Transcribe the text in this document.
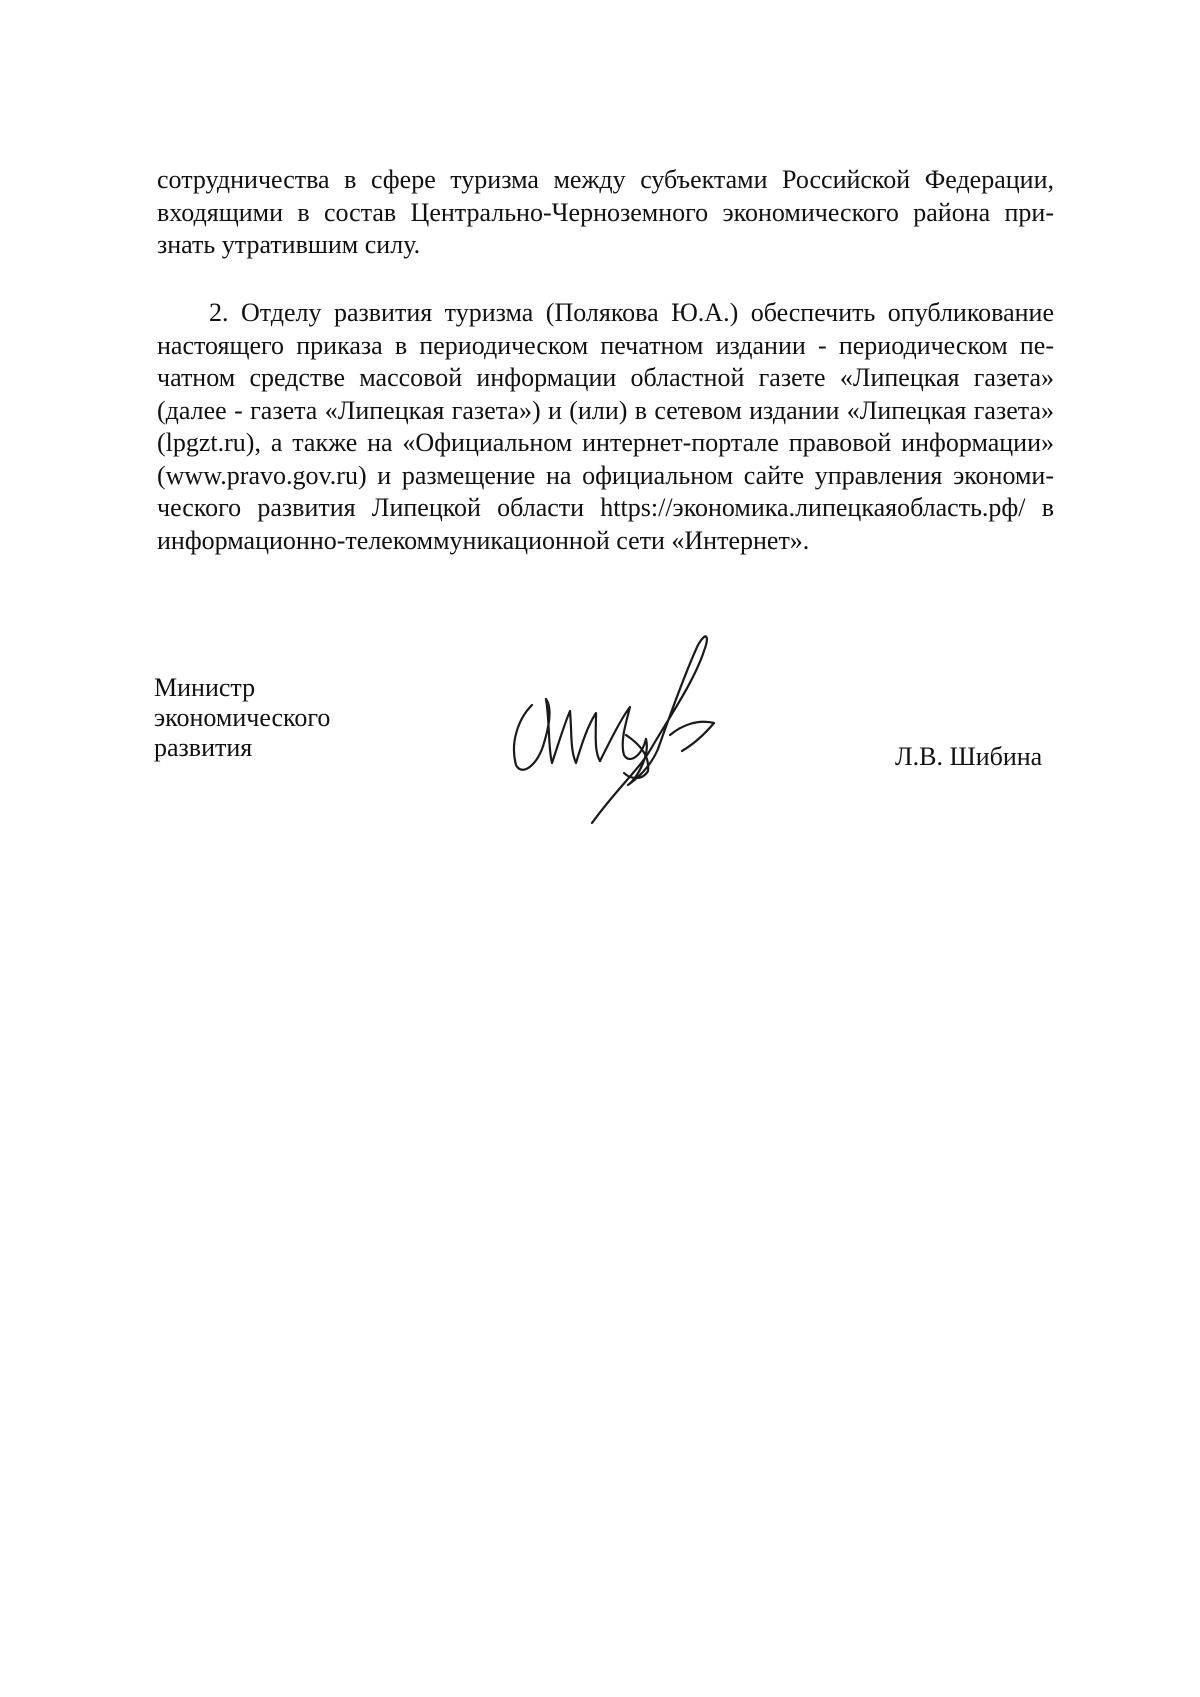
сотрудничества в сфере туризма между субъектами Российской Федерации,
входящими в состав Центрально-Черноземного экономического района при-
знать утратившим силу.
2. Отделу развития туризма (Полякова Ю.А.) обеспечить опубликование
настоящего приказа в периодическом печатном издании - периодическом пе-
чатном средстве массовой информации областной газете «Липецкая газета»
(далее - газета «Липецкая газета») и (или) в сетевом издании «Липецкая газета»
(lpgzt.ru), а также на «Официальном интернет-портале правовой информации»
(www.pravo.gov.ru) и размещение на официальном сайте управления экономи-
ческого развития Липецкой области https://экономика.липецкаяобласть.рф/ в
информационно-телекоммуникационной сети «Интернет».
Министр
экономического
развития	Л.В. Шибина
